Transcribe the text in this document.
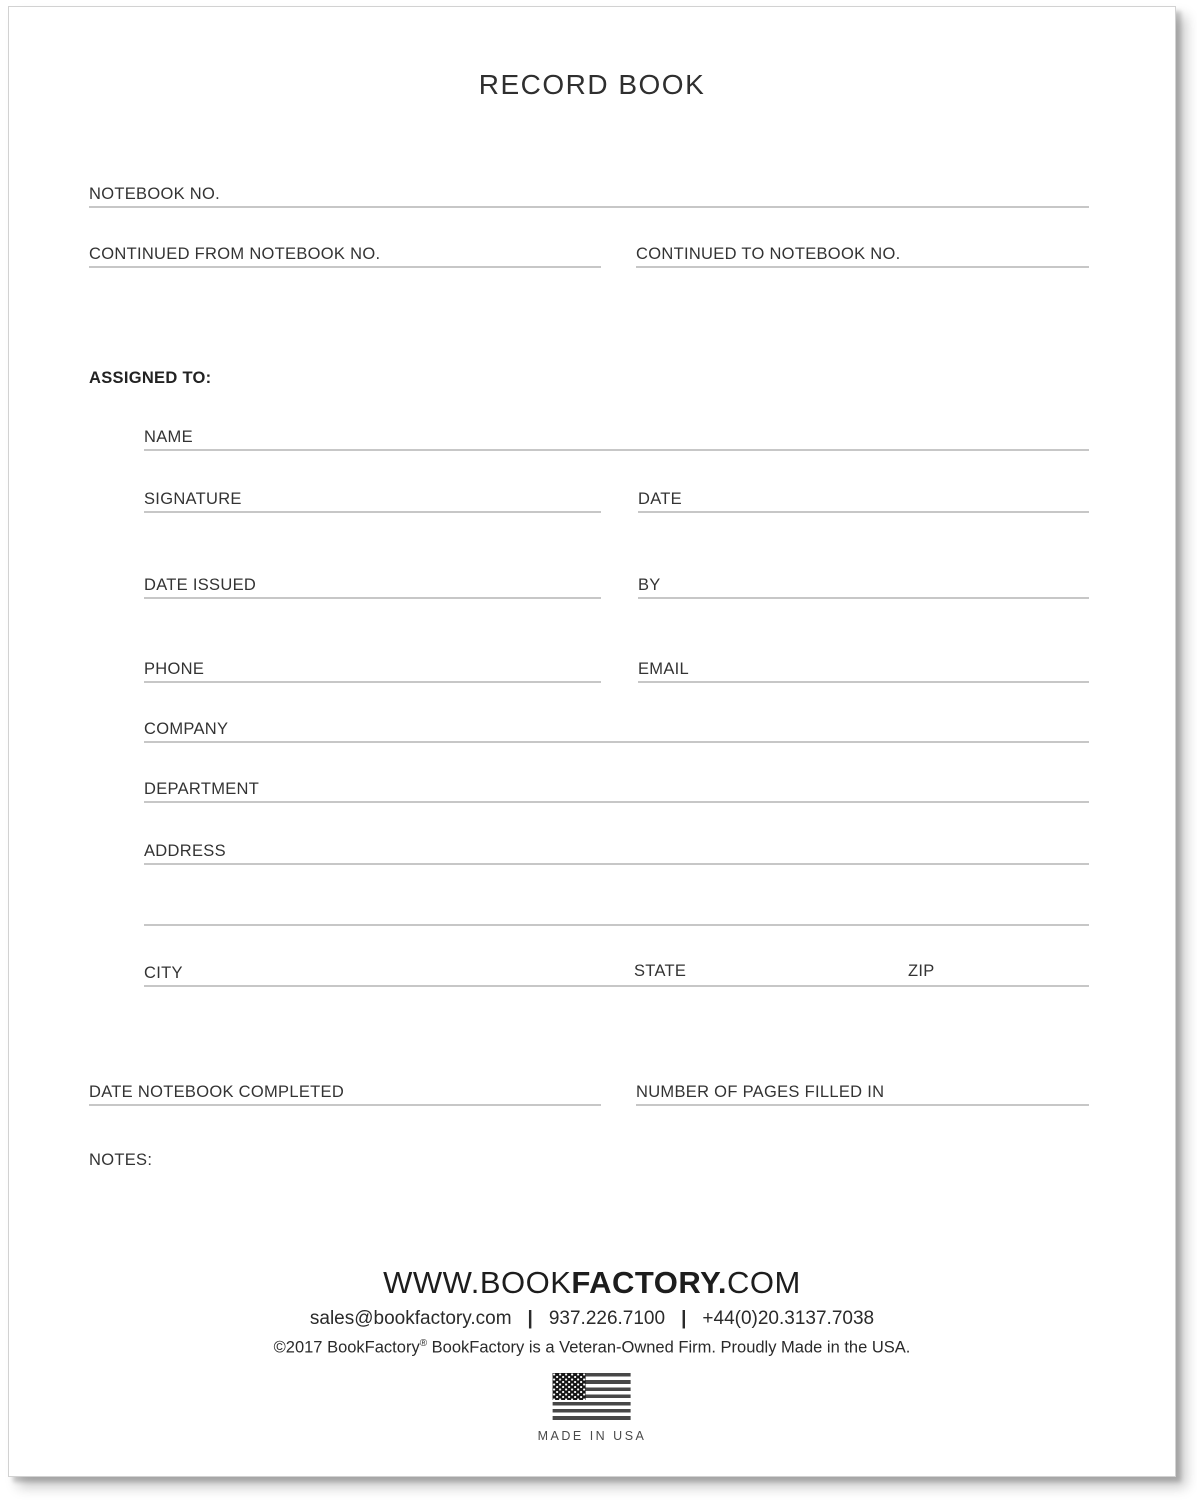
RECORD BOOK
NOTEBOOK NO.
CONTINUED FROM NOTEBOOK NO.	CONTINUED TO NOTEBOOK NO.
ASSIGNED TO:
NAME
SIGNATURE	DATE
DATE ISSUED	BY
PHONE	EMAIL
COMPANY
DEPARTMENT
ADDRESS
CITY	STATE	ZIP
DATE NOTEBOOK COMPLETED	NUMBER OF PAGES FILLED IN
NOTES:
WWW.BOOKFACTORY.COM
sales@bookfactory.com | 937.226.7100 | +44(0)20.3137.7038
©2017 BookFactory® BookFactory is a Veteran-Owned Firm. Proudly Made in the USA.
MADE IN USA
